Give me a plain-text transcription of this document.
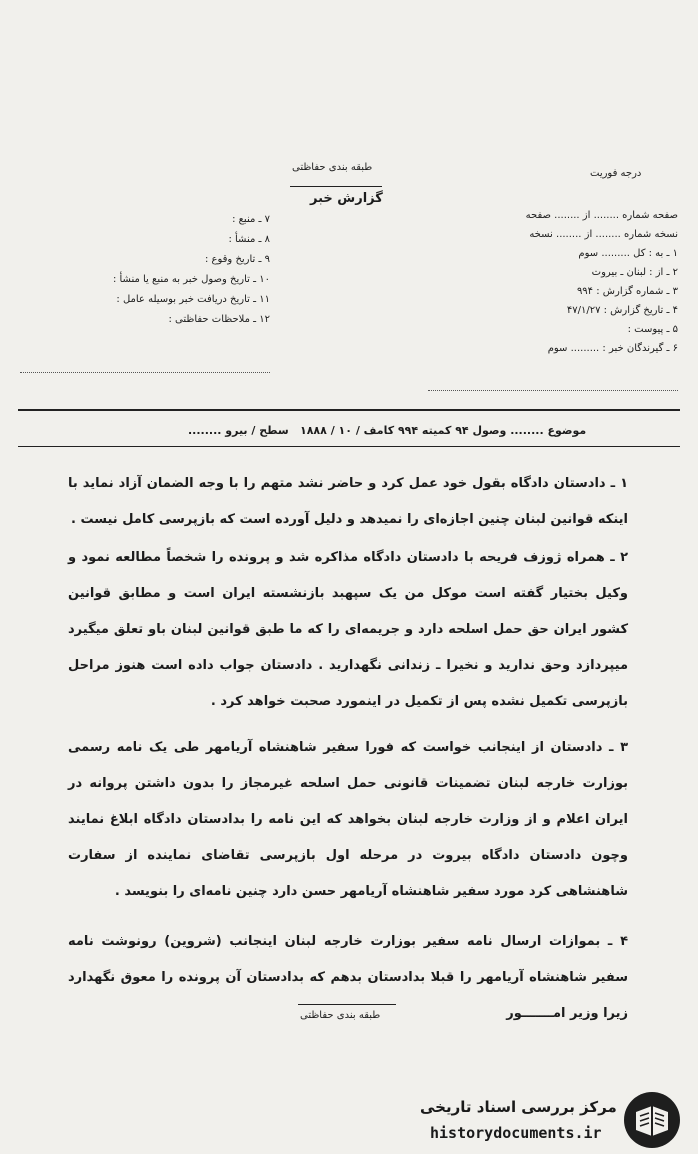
درجه فوریت
طبقه بندی حفاظتی
گزارش خبر
۷ ـ منبع :
۸ ـ منشأ :
۹ ـ تاریخ وقوع :
۱۰ ـ تاریخ وصول خبر به منبع یا منشأ :
۱۱ ـ تاریخ دریافت خبر بوسیله عامل :
۱۲ ـ ملاحظات حفاظتی :
صفحه شماره ........ از ........ صفحه
نسخه شماره ........ از ........ نسخه
۱ ـ به : کل ......... سوم
۲ ـ از : لبنان ـ بیروت
۳ ـ شماره گزارش : ۹۹۴
۴ ـ تاریخ گزارش : ۴۷/۱/۲۷
۵ ـ پیوست :
۶ ـ گیرندگان خبر : ......... سوم
موضوع ........ وصول ۹۴ کمیته ۹۹۴ کامف / ۱۰ / ۱۸۸۸
سطح / بیرو ........
۱ ـ دادستان دادگاه بقول خود عمل کرد و حاضر نشد متهم را با وجه الضمان آزاد نماید با اینکه قوانین لبنان چنین اجازه‌ای را نمیدهد و دلیل آورده است که بازپرسی کامل نیست .
۲ ـ همراه ژوزف فریحه با دادستان دادگاه مذاکره شد و پرونده را شخصاً مطالعه نمود و وکیل بختیار گفته است موکل من یک سپهبد بازنشسته ایران است و مطابق قوانین کشور ایران حق حمل اسلحه دارد و جریمه‌ای را که ما طبق قوانین لبنان باو تعلق میگیرد میپردازد وحق ندارید و نخیرا ـ زندانی نگهدارید . دادستان جواب داده است هنوز مراحل بازپرسی تکمیل نشده پس از تکمیل در اینمورد صحبت خواهد کرد .
۳ ـ دادستان از اینجانب خواست که فورا سفیر شاهنشاه آریامهر طی یک نامه رسمی بوزارت خارجه لبنان تضمینات قانونی حمل اسلحه غیرمجاز را بدون داشتن پروانه در ایران اعلام و از وزارت خارجه لبنان بخواهد که این نامه را بدادستان دادگاه ابلاغ نمایند وچون دادستان دادگاه بیروت در مرحله اول بازپرسی تقاضای نماینده از سفارت شاهنشاهی کرد مورد سفیر شاهنشاه آریامهر حسن دارد چنین نامه‌ای را بنویسد .
۴ ـ بموازات ارسال نامه سفیر بوزارت خارجه لبنان اینجانب (شروین) رونوشت نامه سفیر شاهنشاه آریامهر را قبلا بدادستان بدهم که بدادستان آن پرونده را معوق نگهدارد زیرا وزیر امـــــــور
طبقه بندی حفاظتی
مرکز بررسی اسناد تاریخی
historydocuments.ir
